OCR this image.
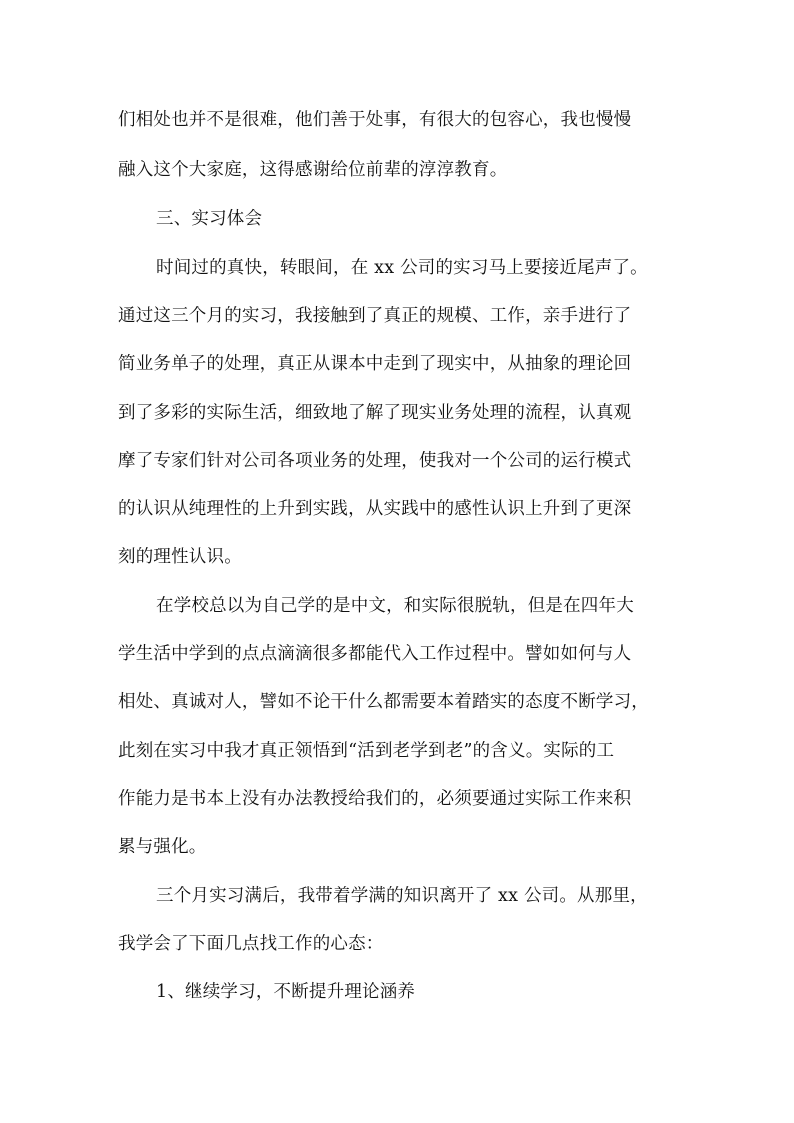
们相处也并不是很难，他们善于处事，有很大的包容心，我也慢慢
融入这个大家庭，这得感谢给位前辈的淳淳教育。
三、实习体会
时间过的真快，转眼间，在 xx 公司的实习马上要接近尾声了。
通过这三个月的实习，我接触到了真正的规模、工作，亲手进行了
简业务单子的处理，真正从课本中走到了现实中，从抽象的理论回
到了多彩的实际生活，细致地了解了现实业务处理的流程，认真观
摩了专家们针对公司各项业务的处理，使我对一个公司的运行模式
的认识从纯理性的上升到实践，从实践中的感性认识上升到了更深
刻的理性认识。
在学校总以为自己学的是中文，和实际很脱轨，但是在四年大
学生活中学到的点点滴滴很多都能代入工作过程中。譬如如何与人
相处、真诚对人，譬如不论干什么都需要本着踏实的态度不断学习，
此刻在实习中我才真正领悟到“活到老学到老”的含义。实际的工
作能力是书本上没有办法教授给我们的，必须要通过实际工作来积
累与强化。
三个月实习满后，我带着学满的知识离开了 xx 公司。从那里，
我学会了下面几点找工作的心态：
1、继续学习，不断提升理论涵养
